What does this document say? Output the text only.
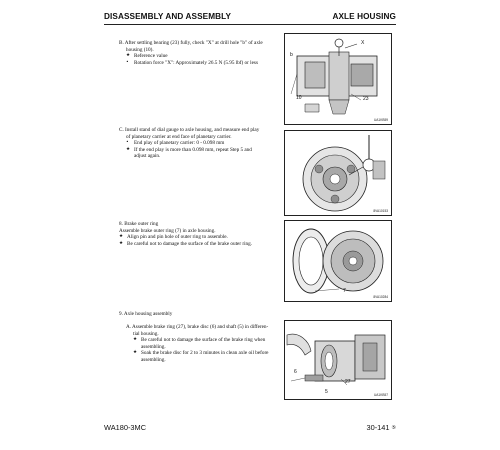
DISASSEMBLY AND ASSEMBLY	AXLE HOUSING
B. After settling bearing (23) fully, check "X" at drill hole "b" of axle
housing (10).
★ Reference value
• Rotation force "X": Approximately 26.5 N (5.95 lbf) or less
b
X
10	23
UA1KB59
C. Install stand of dial gauge to axle housing, and measure end play
of planetary carrier at end face of planetary carrier.
• End play of planetary carrier: 0 - 0.098 mm
★ If the end play is more than 0.098 mm, repeat Step 5 and
adjust again.
8VA10153
8. Brake outer ring
Assemble brake outer ring (7) in axle housing.
★ Align pin and pin hole of outer ring to assemble.
★ Be careful not to damage the surface of the brake outer ring.
7
8VA10284
9. Axle housing assembly
A. Assemble brake ring (27), brake disc (6) and shaft (5) in differen-
tial housing.
★ Be careful not to damage the surface of the brake ring when
assembling.
★ Soak the brake disc for 2 to 3 minutes in clean axle oil before
assembling.
6
27
5	UA1KB57
WA180-3MC	30-141 ⑤
